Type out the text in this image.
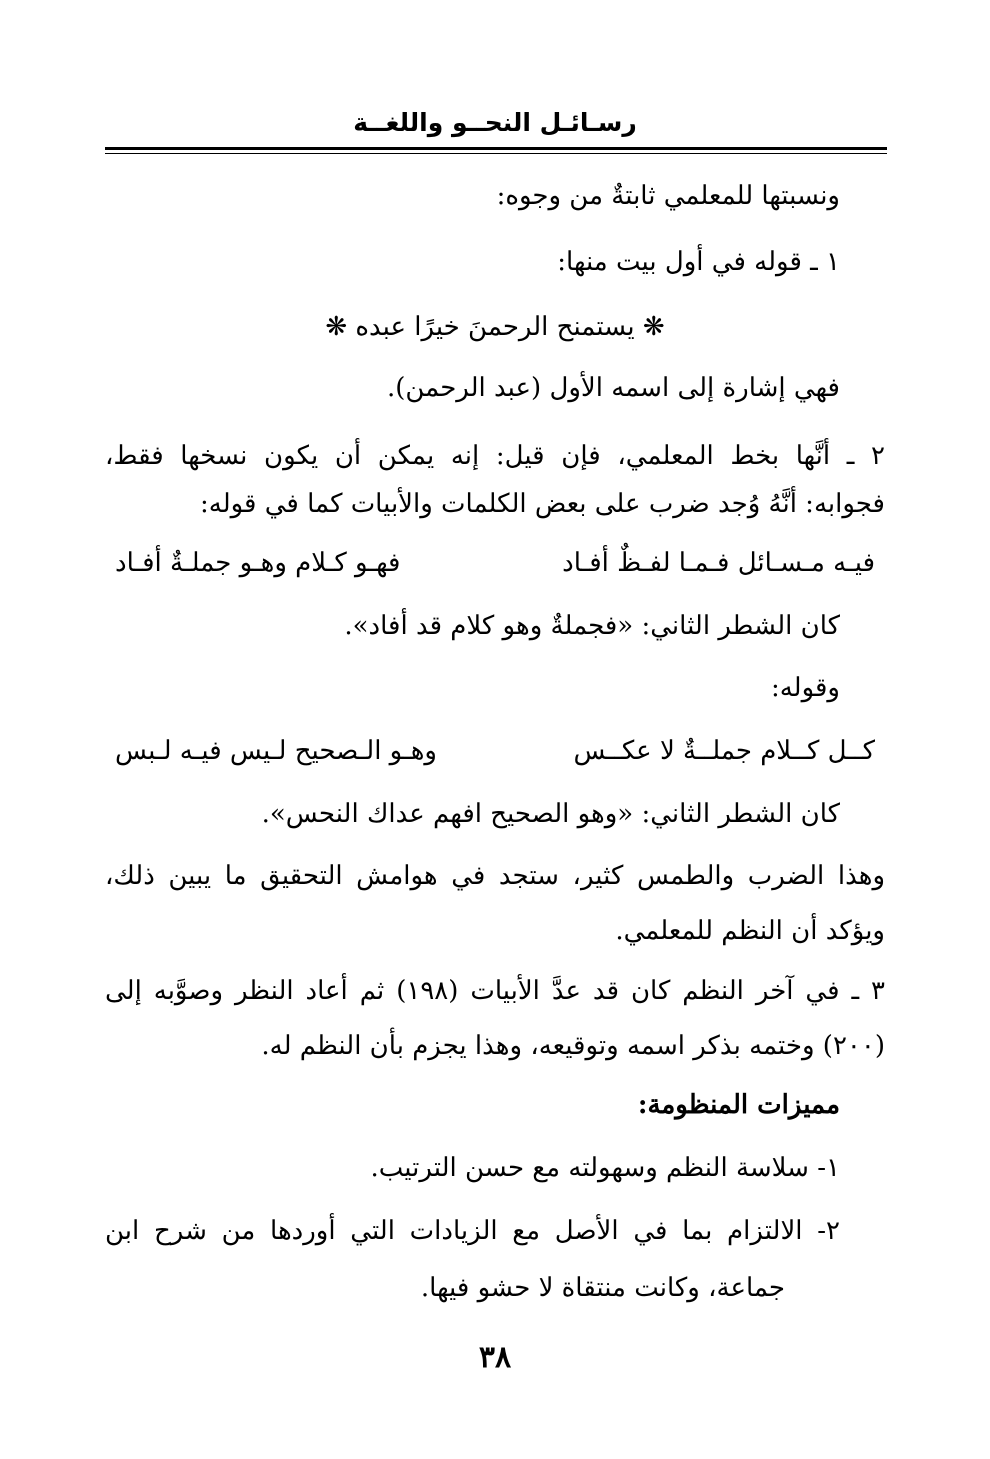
رسـائـل النحــو واللغــة
ونسبتها للمعلمي ثابتةٌ من وجوه:
١ ـ قوله في أول بيت منها:
❋ يستمنح الرحمنَ خيرًا عبده ❋
فهي إشارة إلى اسمه الأول (عبد الرحمن).
٢ ـ أنَّها بخط المعلمي، فإن قيل: إنه يمكن أن يكون نسخها فقط،
فجوابه: أنَّهُ وُجد ضرب على بعض الكلمات والأبيات كما في قوله:
فيـه مـسـائل فـمـا لفـظٌ أفـاد
فهـو كـلام وهـو جملـةٌ أفـاد
كان الشطر الثاني: «فجملةٌ وهو كلام قد أفاد».
وقوله:
كــل كــلام جملــةٌ لا عكــس
وهـو الـصحيح لـيس فيـه لـبس
كان الشطر الثاني: «وهو الصحيح افهم عداك النحس».
وهذا الضرب والطمس كثير، ستجد في هوامش التحقيق ما يبين ذلك،
ويؤكد أن النظم للمعلمي.
٣ ـ في آخر النظم كان قد عدَّ الأبيات (١٩٨) ثم أعاد النظر وصوَّبه إلى
(٢٠٠) وختمه بذكر اسمه وتوقيعه، وهذا يجزم بأن النظم له.
مميزات المنظومة:
١- سلاسة النظم وسهولته مع حسن الترتيب.
٢- الالتزام بما في الأصل مع الزيادات التي أوردها من شرح ابن
جماعة، وكانت منتقاة لا حشو فيها.
٣٨
